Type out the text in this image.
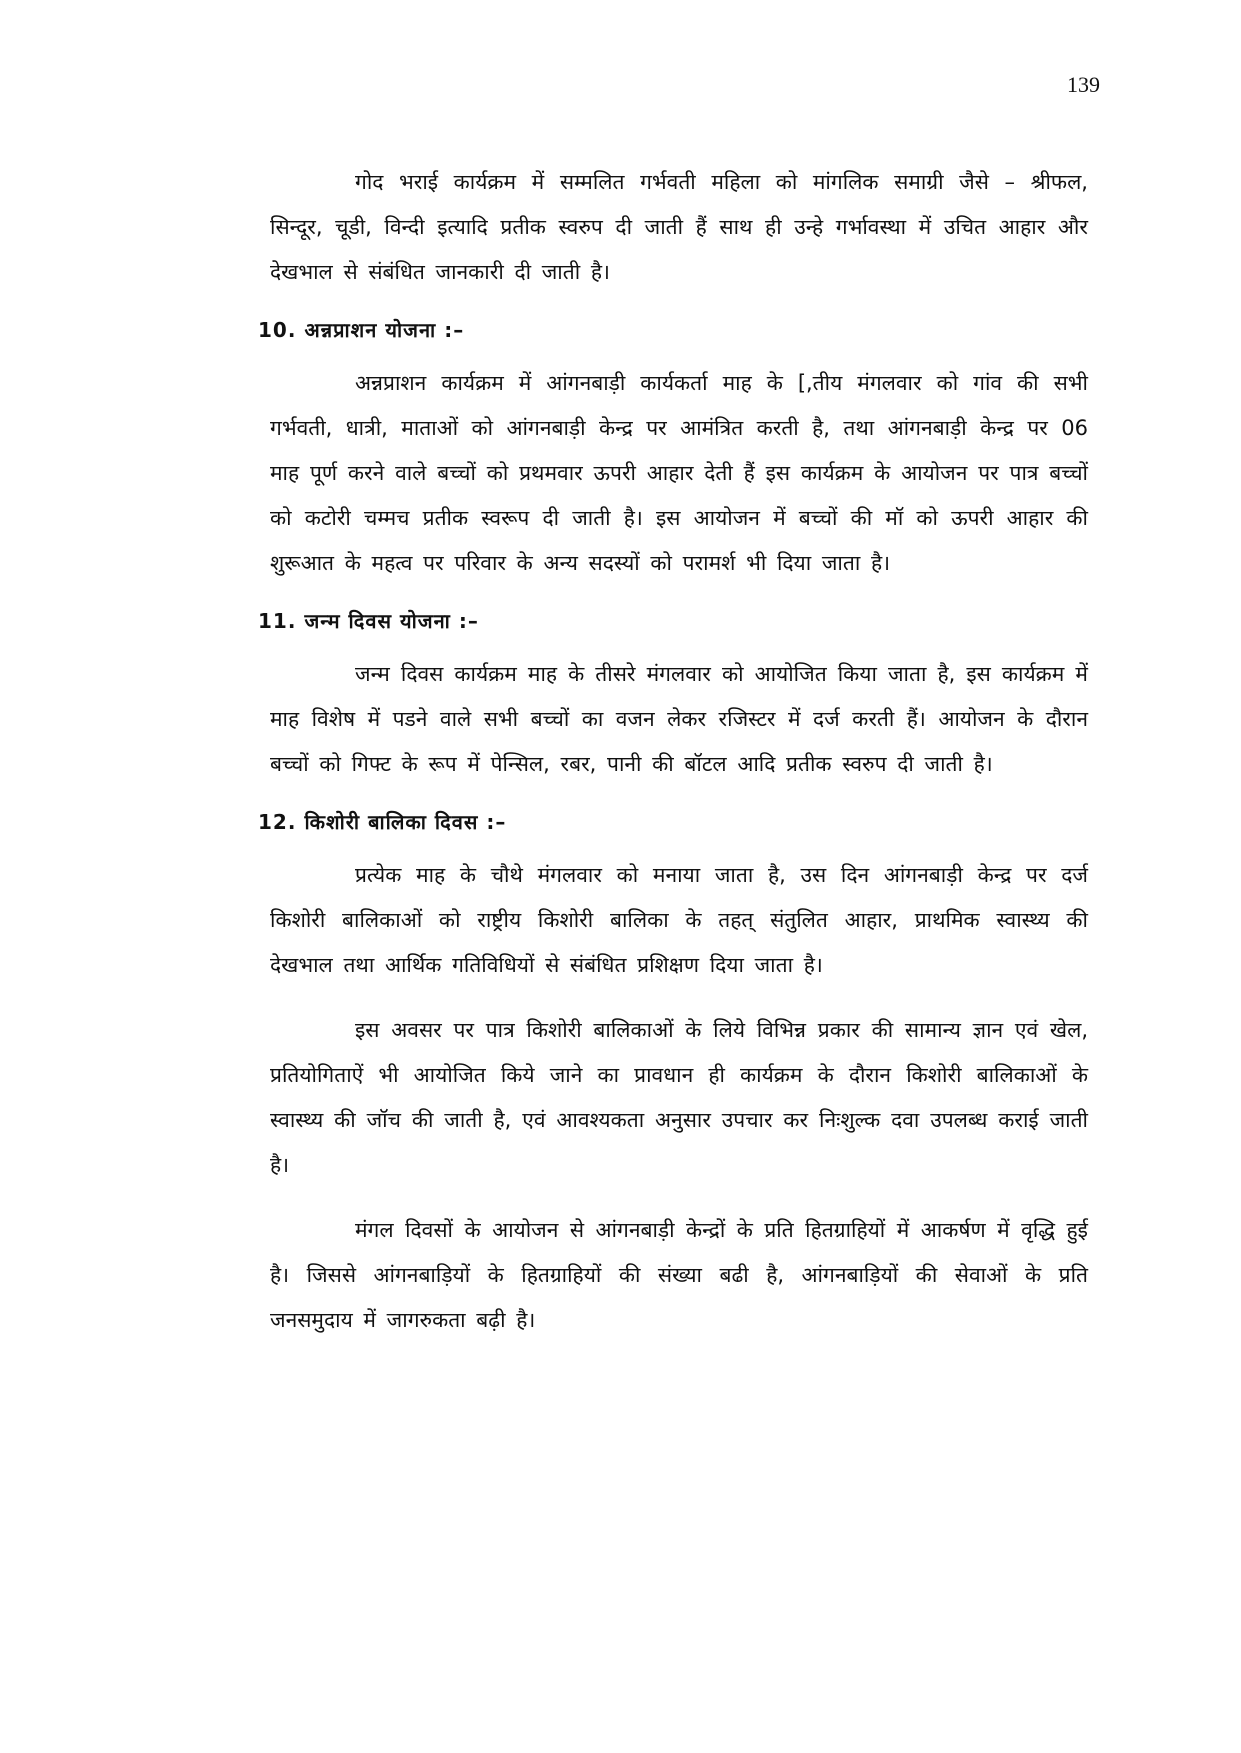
139

गोद भराई कार्यक्रम में सम्मलित गर्भवती महिला को मांगलिक समाग्री जैसे – श्रीफल, सिन्दूर, चूडी, विन्दी इत्यादि प्रतीक स्वरुप दी जाती हैं साथ ही उन्हे गर्भावस्था में उचित आहार और देखभाल से संबंधित जानकारी दी जाती है।

10. अन्नप्राशन योजना :–

अन्नप्राशन कार्यक्रम में आंगनबाड़ी कार्यकर्ता माह के [,तीय मंगलवार को गांव की सभी गर्भवती, धात्री, माताओं को आंगनबाड़ी केन्द्र पर आमंत्रित करती है, तथा आंगनबाड़ी केन्द्र पर 06 माह पूर्ण करने वाले बच्चों को प्रथमवार ऊपरी आहार देती हैं इस कार्यक्रम के आयोजन पर पात्र बच्चों को कटोरी चम्मच प्रतीक स्वरूप दी जाती है। इस आयोजन में बच्चों की मॉ को ऊपरी आहार की शुरूआत के महत्व पर परिवार के अन्य सदस्यों को परामर्श भी दिया जाता है।

11. जन्म दिवस योजना :–

जन्म दिवस कार्यक्रम माह के तीसरे मंगलवार को आयोजित किया जाता है, इस कार्यक्रम में माह विशेष में पडने वाले सभी बच्चों का वजन लेकर रजिस्टर में दर्ज करती हैं। आयोजन के दौरान बच्चों को गिफ्ट के रूप में पेन्सिल, रबर, पानी की बॉटल आदि प्रतीक स्वरुप दी जाती है।

12. किशोरी बालिका दिवस :–

प्रत्येक माह के चौथे मंगलवार को मनाया जाता है, उस दिन आंगनबाड़ी केन्द्र पर दर्ज किशोरी बालिकाओं को राष्ट्रीय किशोरी बालिका के तहत् संतुलित आहार, प्राथमिक स्वास्थ्य की देखभाल तथा आर्थिक गतिविधियों से संबंधित प्रशिक्षण दिया जाता है।

इस अवसर पर पात्र किशोरी बालिकाओं के लिये विभिन्न प्रकार की सामान्य ज्ञान एवं खेल, प्रतियोगिताऐं भी आयोजित किये जाने का प्रावधान ही कार्यक्रम के दौरान किशोरी बालिकाओं के स्वास्थ्य की जॉच की जाती है, एवं आवश्यकता अनुसार उपचार कर निःशुल्क दवा उपलब्ध कराई जाती है।

मंगल दिवसों के आयोजन से आंगनबाड़ी केन्द्रों के प्रति हितग्राहियों में आकर्षण में वृद्धि हुई है। जिससे आंगनबाड़ियों के हितग्राहियों की संख्या बढी है, आंगनबाड़ियों की सेवाओं के प्रति जनसमुदाय में जागरुकता बढ़ी है।
